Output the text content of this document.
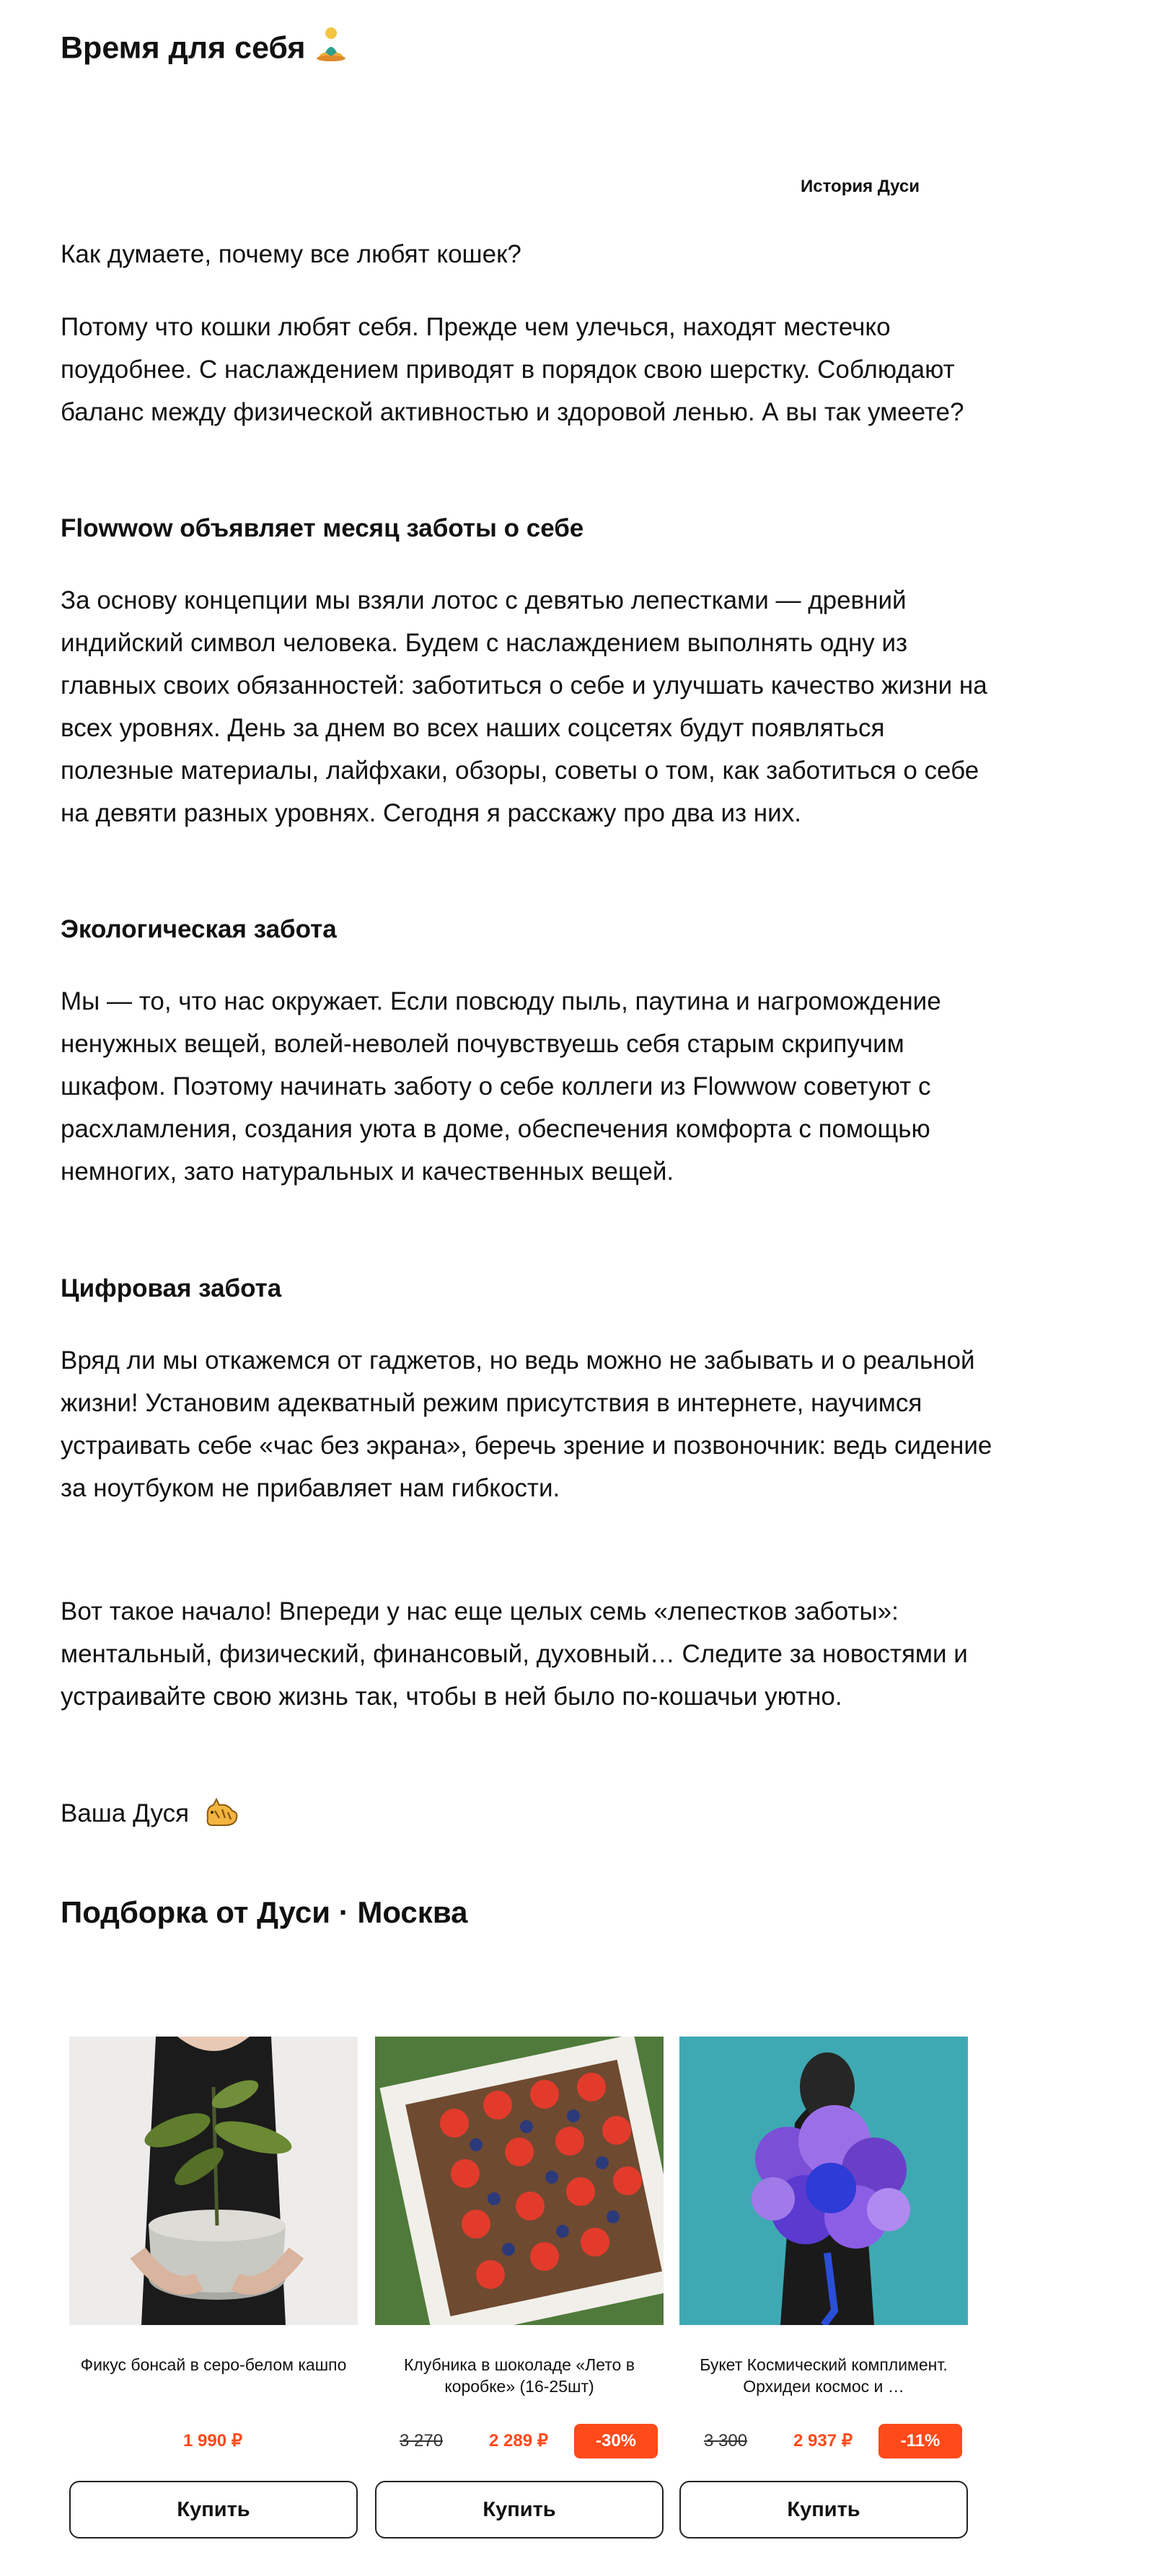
Время для себя
История Дуси
Как думаете, почему все любят кошек?
Потому что кошки любят себя. Прежде чем улечься, находят местечко поудобнее. С наслаждением приводят в порядок свою шерстку. Соблюдают баланс между физической активностью и здоровой ленью. А вы так умеете?
Flowwow объявляет месяц заботы о себе
За основу концепции мы взяли лотос с девятью лепестками — древний индийский символ человека. Будем с наслаждением выполнять одну из главных своих обязанностей: заботиться о себе и улучшать качество жизни на всех уровнях. День за днем во всех наших соцсетях будут появляться полезные материалы, лайфхаки, обзоры, советы о том, как заботиться о себе на девяти разных уровнях. Сегодня я расскажу про два из них.
Экологическая забота
Мы — то, что нас окружает. Если повсюду пыль, паутина и нагромождение ненужных вещей, волей-неволей почувствуешь себя старым скрипучим шкафом. Поэтому начинать заботу о себе коллеги из Flowwow советуют с расхламления, создания уюта в доме, обеспечения комфорта с помощью немногих, зато натуральных и качественных вещей.
Цифровая забота
Вряд ли мы откажемся от гаджетов, но ведь можно не забывать и о реальной жизни! Установим адекватный режим присутствия в интернете, научимся устраивать себе «час без экрана», беречь зрение и позвоночник: ведь сидение за ноутбуком не прибавляет нам гибкости.
Вот такое начало! Впереди у нас еще целых семь «лепестков заботы»: ментальный, физический, финансовый, духовный… Следите за новостями и устраивайте свою жизнь так, чтобы в ней было по-кошачьи уютно.
Ваша Дуся
Подборка от Дуси · Москва
Фикус бонсай в серо-белом кашпо
1 990 ₽
Купить
Клубника в шоколаде «Лето в коробке» (16-25шт)
3 270	2 289 ₽	-30%
Купить
Букет Космический комплимент. Орхидеи космос и …
3 300	2 937 ₽	-11%
Купить
